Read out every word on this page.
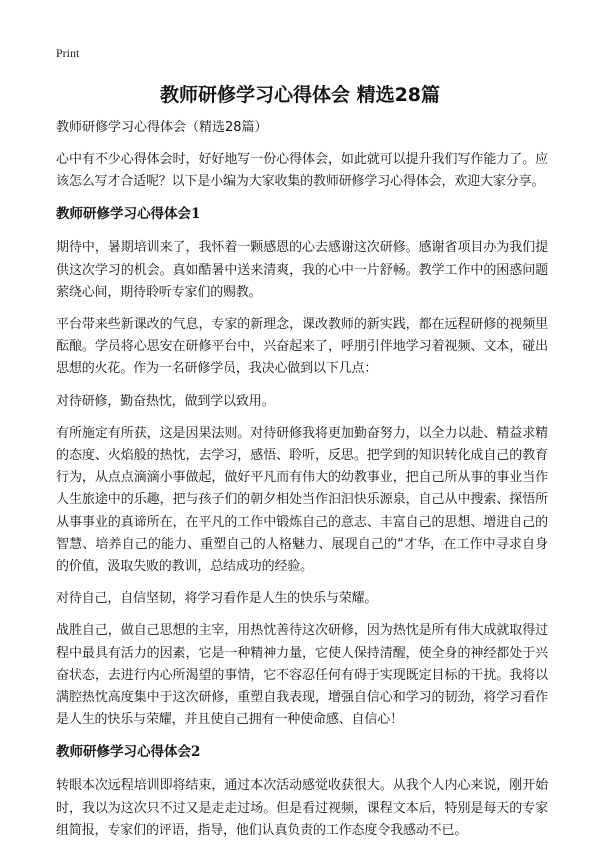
Print
教师研修学习心得体会 精选28篇

教师研修学习心得体会（精选28篇）

心中有不少心得体会时，好好地写一份心得体会，如此就可以提升我们写作能力了。应该怎么写才合适呢？以下是小编为大家收集的教师研修学习心得体会，欢迎大家分享。

教师研修学习心得体会1

期待中，暑期培训来了，我怀着一颗感恩的心去感谢这次研修。感谢省项目办为我们提供这次学习的机会。真如酷暑中送来清爽，我的心中一片舒畅。教学工作中的困惑问题萦绕心间，期待聆听专家们的赐教。

平台带来些新课改的气息，专家的新理念，课改教师的新实践，都在远程研修的视频里酝酿。学员将心思安在研修平台中，兴奋起来了，呼朋引伴地学习着视频、文本，碰出思想的火花。作为一名研修学员，我决心做到以下几点：

对待研修，勤奋热忱，做到学以致用。

有所施定有所获，这是因果法则。对待研修我将更加勤奋努力，以全力以赴、精益求精的态度、火焰般的热忱，去学习，感悟、聆听，反思。把学到的知识转化成自己的教育行为，从点点滴滴小事做起，做好平凡而有伟大的幼教事业，把自己所从事的事业当作人生旅途中的乐趣，把与孩子们的朝夕相处当作汩汩快乐源泉，自己从中搜索、探悟所从事事业的真谛所在，在平凡的工作中锻炼自己的意志、丰富自己的思想、增进自己的智慧、培养自己的能力、重塑自己的人格魅力、展现自己的“才华，在工作中寻求自身的价值，汲取失败的教训，总结成功的经验。

对待自己，自信坚韧，将学习看作是人生的快乐与荣耀。

战胜自己，做自己思想的主宰，用热忱善待这次研修，因为热忱是所有伟大成就取得过程中最具有活力的因素，它是一种精神力量，它使人保持清醒，使全身的神经都处于兴奋状态，去进行内心所渴望的事情，它不容忍任何有碍于实现既定目标的干扰。我将以满腔热忱高度集中于这次研修，重塑自我表现，增强自信心和学习的韧劲，将学习看作是人生的快乐与荣耀，并且使自己拥有一种使命感、自信心！

教师研修学习心得体会2

转眼本次远程培训即将结束，通过本次活动感觉收获很大。从我个人内心来说，刚开始时，我以为这次只不过又是走走过场。但是看过视频，课程文本后，特别是每天的专家组简报，专家们的评语，指导，他们认真负责的工作态度令我感动不已。
